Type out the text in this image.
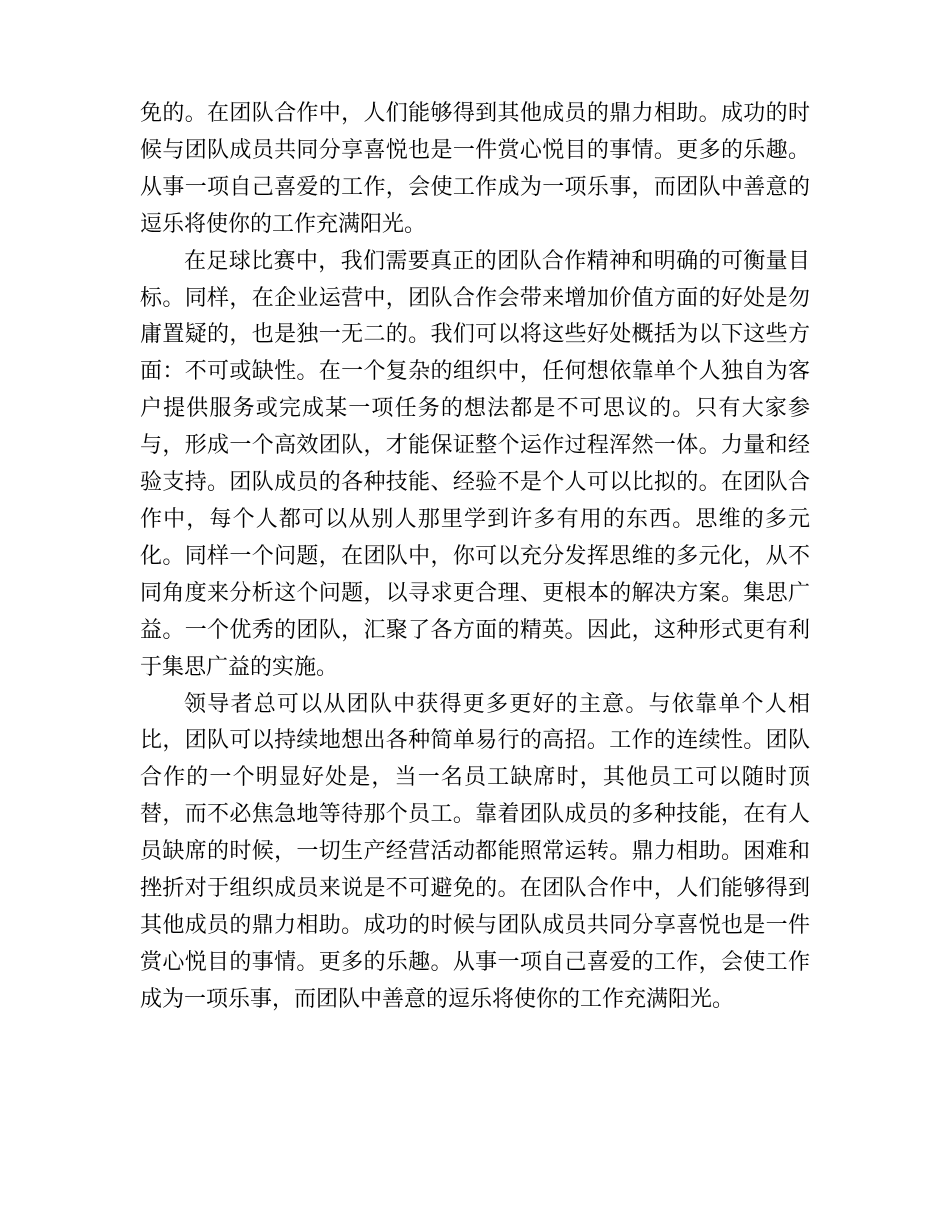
免的。在团队合作中，人们能够得到其他成员的鼎力相助。成功的时候与团队成员共同分享喜悦也是一件赏心悦目的事情。更多的乐趣。从事一项自己喜爱的工作，会使工作成为一项乐事，而团队中善意的逗乐将使你的工作充满阳光。

在足球比赛中，我们需要真正的团队合作精神和明确的可衡量目标。同样，在企业运营中，团队合作会带来增加价值方面的好处是勿庸置疑的，也是独一无二的。我们可以将这些好处概括为以下这些方面：不可或缺性。在一个复杂的组织中，任何想依靠单个人独自为客户提供服务或完成某一项任务的想法都是不可思议的。只有大家参与，形成一个高效团队，才能保证整个运作过程浑然一体。力量和经验支持。团队成员的各种技能、经验不是个人可以比拟的。在团队合作中，每个人都可以从别人那里学到许多有用的东西。思维的多元化。同样一个问题，在团队中，你可以充分发挥思维的多元化，从不同角度来分析这个问题，以寻求更合理、更根本的解决方案。集思广益。一个优秀的团队，汇聚了各方面的精英。因此，这种形式更有利于集思广益的实施。

领导者总可以从团队中获得更多更好的主意。与依靠单个人相比，团队可以持续地想出各种简单易行的高招。工作的连续性。团队合作的一个明显好处是，当一名员工缺席时，其他员工可以随时顶替，而不必焦急地等待那个员工。靠着团队成员的多种技能，在有人员缺席的时候，一切生产经营活动都能照常运转。鼎力相助。困难和挫折对于组织成员来说是不可避免的。在团队合作中，人们能够得到其他成员的鼎力相助。成功的时候与团队成员共同分享喜悦也是一件赏心悦目的事情。更多的乐趣。从事一项自己喜爱的工作，会使工作成为一项乐事，而团队中善意的逗乐将使你的工作充满阳光。
